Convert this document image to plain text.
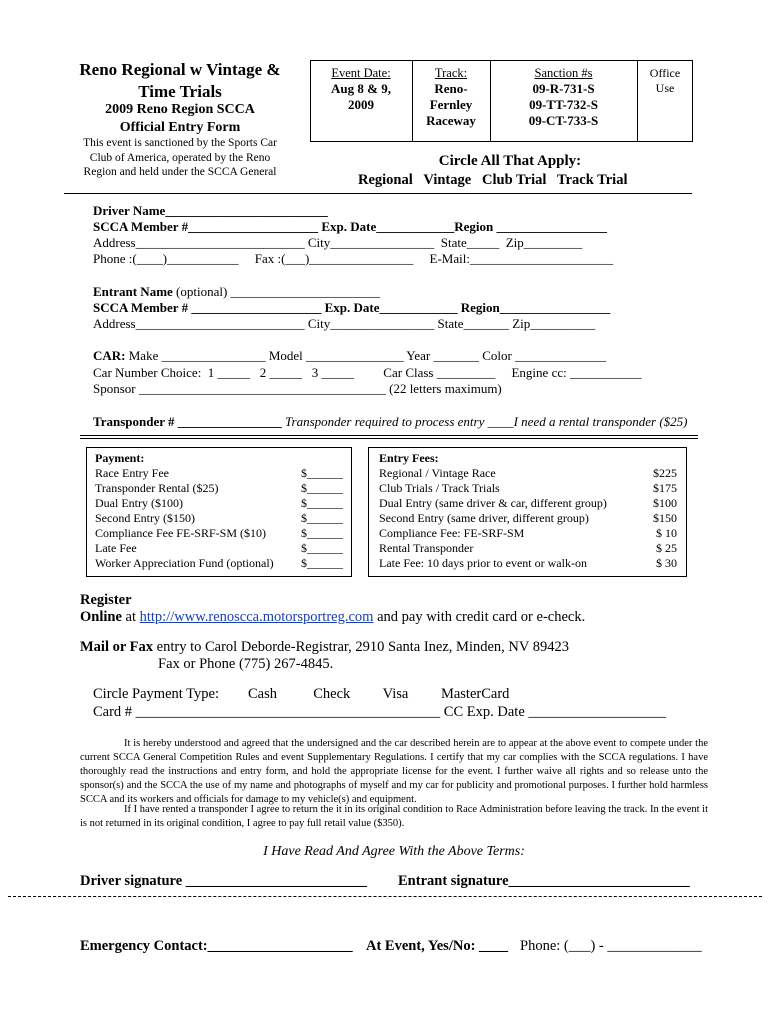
Reno Regional w Vintage &
Time Trials
2009 Reno Region SCCA
Official Entry Form
This event is sanctioned by the Sports Car
Club of America, operated by the Reno
Region and held under the SCCA General
Event Date:
Aug 8 & 9,
2009
Track:
Reno-
Fernley
Raceway
Sanction #s
09-R-731-S
09-TT-732-S
09-CT-733-S
Office
Use
Circle All That Apply:
Regional   Vintage   Club Trial   Track Trial
Driver Name_________________________
SCCA Member #____________________ Exp. Date____________Region _________________
Address__________________________ City________________  State_____  Zip_________
Phone :(____)___________     Fax :(___)________________     E-Mail:______________________
Entrant Name (optional) _______________________
SCCA Member # ____________________ Exp. Date____________ Region_________________
Address__________________________ City________________ State_______ Zip__________
CAR: Make ________________ Model _______________ Year _______ Color ______________
Car Number Choice:  1 _____   2 _____   3 _____         Car Class _________     Engine cc: ___________
Sponsor ______________________________________ (22 letters maximum)
Transponder # ________________ Transponder required to process entry ____I need a rental transponder ($25)
Payment:
Race Entry Fee	$______
Transponder Rental ($25)	$______
Dual Entry ($100)	$______
Second Entry ($150)	$______
Compliance Fee FE-SRF-SM ($10)	$______
Late Fee	$______
Worker Appreciation Fund (optional) $______
Entry Fees:
Regional / Vintage Race	$225
Club Trials / Track Trials	$175
Dual Entry (same driver & car, different group)	$100
Second Entry (same driver, different group)	$150
Compliance Fee: FE-SRF-SM	$ 10
Rental Transponder	$ 25
Late Fee: 10 days prior to event or walk-on	$ 30
Register
Online at http://www.renoscca.motorsportreg.com and pay with credit card or e-check.
Mail or Fax entry to Carol Deborde-Registrar, 2910 Santa Inez, Minden, NV 89423
Fax or Phone (775) 267-4845.
Circle Payment Type:        Cash          Check         Visa         MasterCard
Card # __________________________________________ CC Exp. Date ___________________
It is hereby understood and agreed that the undersigned and the car described herein are to appear at the above event to compete under the current SCCA General Competition Rules and event Supplementary Regulations. I certify that my car complies with the SCCA regulations. I have thoroughly read the instructions and entry form, and hold the appropriate license for the event. I further waive all rights and so release unto the sponsor(s) and the SCCA the use of my name and photographs of myself and my car for publicity and promotional purposes. I further hold harmless SCCA and its workers and officials for damage to my vehicle(s) and equipment.
If I have rented a transponder I agree to return the it in its original condition to Race Administration before leaving the track. In the event it is not returned in its original condition, I agree to pay full retail value ($350).
I Have Read And Agree With the Above Terms:
Driver signature _________________________ Entrant signature_________________________
Emergency Contact:____________________ At Event, Yes/No: ____ Phone: (___) - _____________
